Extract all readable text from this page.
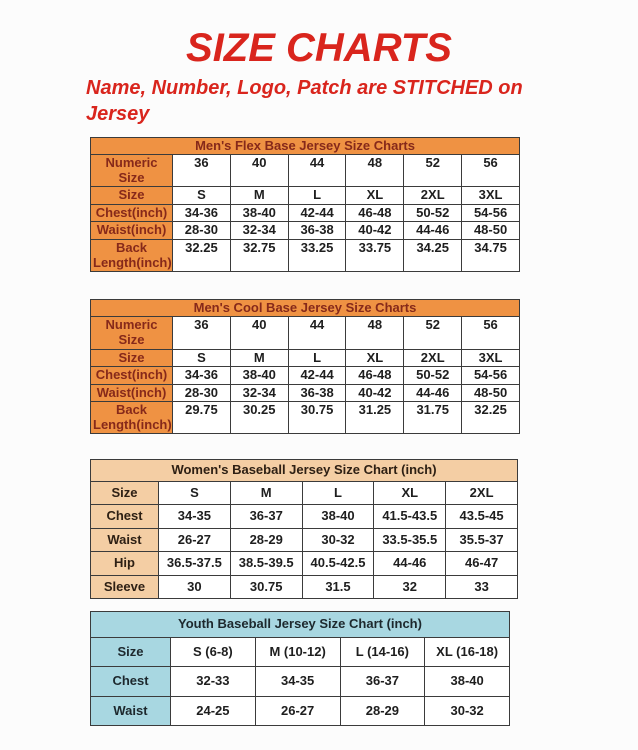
SIZE CHARTS
Name, Number, Logo, Patch are STITCHED on Jersey
Men's Flex Base Jersey Size Charts						
Numeric Size	36	40	44	48	52	56
Size	S	M	L	XL	2XL	3XL
Chest(inch)	34-36	38-40	42-44	46-48	50-52	54-56
Waist(inch)	28-30	32-34	36-38	40-42	44-46	48-50
Back Length(inch)	32.25	32.75	33.25	33.75	34.25	34.75
Men's Cool Base Jersey Size Charts						
Numeric Size	36	40	44	48	52	56
Size	S	M	L	XL	2XL	3XL
Chest(inch)	34-36	38-40	42-44	46-48	50-52	54-56
Waist(inch)	28-30	32-34	36-38	40-42	44-46	48-50
Back Length(inch)	29.75	30.25	30.75	31.25	31.75	32.25
Women's Baseball Jersey Size Chart (inch)					
Size	S	M	L	XL	2XL
Chest	34-35	36-37	38-40	41.5-43.5	43.5-45
Waist	26-27	28-29	30-32	33.5-35.5	35.5-37
Hip	36.5-37.5	38.5-39.5	40.5-42.5	44-46	46-47
Sleeve	30	30.75	31.5	32	33
Youth Baseball Jersey Size Chart (inch)				
Size	S (6-8)	M (10-12)	L (14-16)	XL (16-18)
Chest	32-33	34-35	36-37	38-40
Waist	24-25	26-27	28-29	30-32
